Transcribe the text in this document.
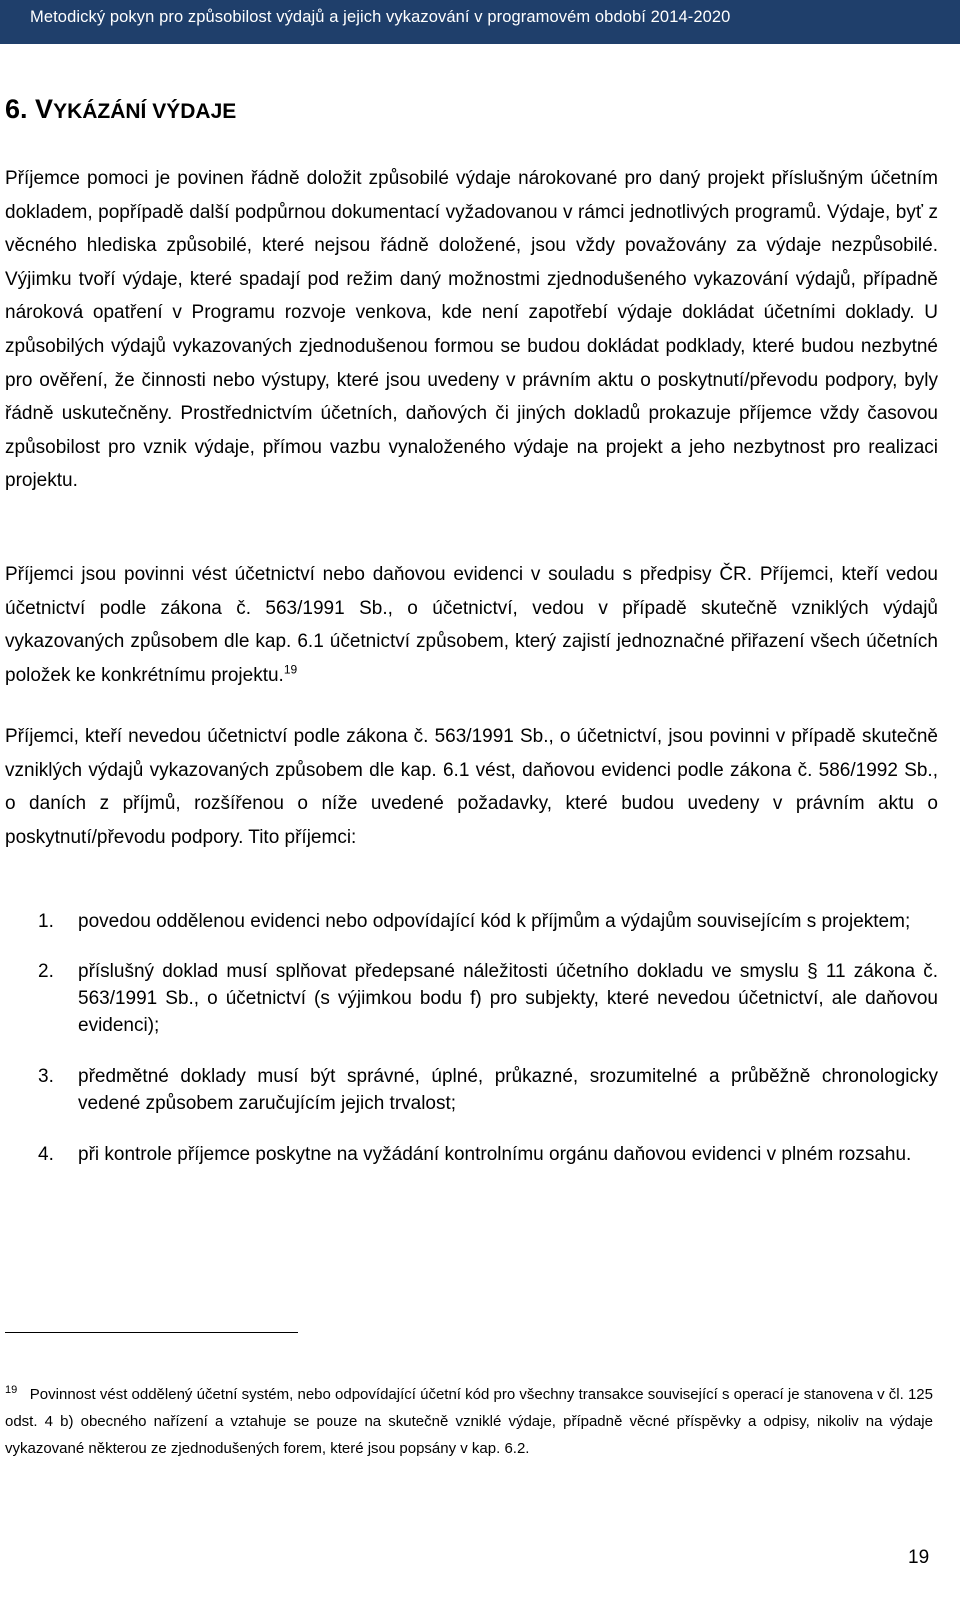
Metodický pokyn pro způsobilost výdajů a jejich vykazování v programovém období 2014-2020
6. VYKÁZÁNÍ VÝDAJE

Příjemce pomoci je povinen řádně doložit způsobilé výdaje nárokované pro daný projekt příslušným účetním dokladem, popřípadě další podpůrnou dokumentací vyžadovanou v rámci jednotlivých programů. Výdaje, byť z věcného hlediska způsobilé, které nejsou řádně doložené, jsou vždy považovány za výdaje nezpůsobilé. Výjimku tvoří výdaje, které spadají pod režim daný možnostmi zjednodušeného vykazování výdajů, případně nároková opatření v Programu rozvoje venkova, kde není zapotřebí výdaje dokládat účetními doklady. U způsobilých výdajů vykazovaných zjednodušenou formou se budou dokládat podklady, které budou nezbytné pro ověření, že činnosti nebo výstupy, které jsou uvedeny v právním aktu o poskytnutí/převodu podpory, byly řádně uskutečněny. Prostřednictvím účetních, daňových či jiných dokladů prokazuje příjemce vždy časovou způsobilost pro vznik výdaje, přímou vazbu vynaloženého výdaje na projekt a jeho nezbytnost pro realizaci projektu.

Příjemci jsou povinni vést účetnictví nebo daňovou evidenci v souladu s předpisy ČR. Příjemci, kteří vedou účetnictví podle zákona č. 563/1991 Sb., o účetnictví, vedou v případě skutečně vzniklých výdajů vykazovaných způsobem dle kap. 6.1 účetnictví způsobem, který zajistí jednoznačné přiřazení všech účetních položek ke konkrétnímu projektu.$^{19}$

Příjemci, kteří nevedou účetnictví podle zákona č. 563/1991 Sb., o účetnictví, jsou povinni v případě skutečně vzniklých výdajů vykazovaných způsobem dle kap. 6.1 vést, daňovou evidenci podle zákona č. 586/1992 Sb., o daních z příjmů, rozšířenou o níže uvedené požadavky, které budou uvedeny v právním aktu o poskytnutí/převodu podpory. Tito příjemci:

1. povedou oddělenou evidenci nebo odpovídající kód k příjmům a výdajům souvisejícím s projektem;
2. příslušný doklad musí splňovat předepsané náležitosti účetního dokladu ve smyslu § 11 zákona č. 563/1991 Sb., o účetnictví (s výjimkou bodu f) pro subjekty, které nevedou účetnictví, ale daňovou evidenci);
3. předmětné doklady musí být správné, úplné, průkazné, srozumitelné a průběžně chronologicky vedené způsobem zaručujícím jejich trvalost;
4. při kontrole příjemce poskytne na vyžádání kontrolnímu orgánu daňovou evidenci v plném rozsahu.

$^{19}$ Povinnost vést oddělený účetní systém, nebo odpovídající účetní kód pro všechny transakce související s operací je stanovena v čl. 125 odst. 4 b) obecného nařízení a vztahuje se pouze na skutečně vzniklé výdaje, případně věcné příspěvky a odpisy, nikoliv na výdaje vykazované některou ze zjednodušených forem, které jsou popsány v kap. 6.2.

19
